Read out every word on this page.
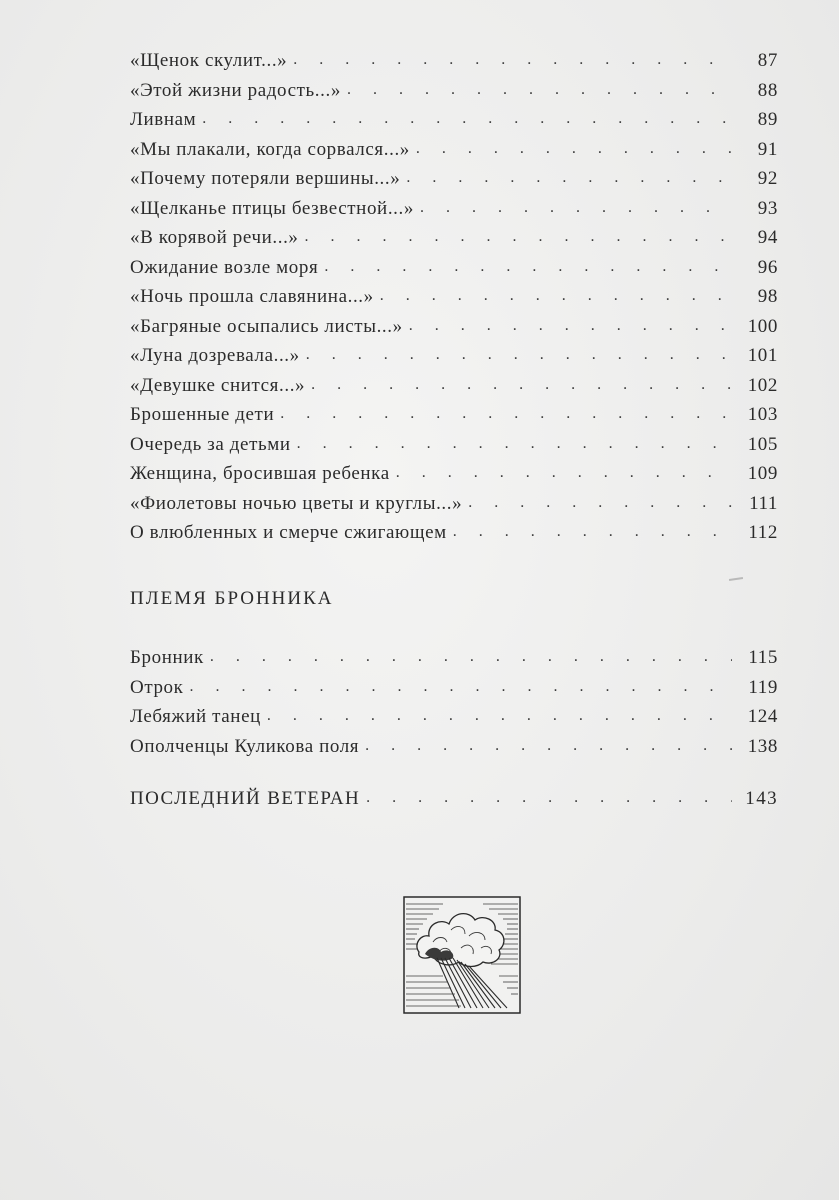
«Щенок скулит...» . . .	87
«Этой жизни радость...» . . .	88
Ливнам . . .	89
«Мы плакали, когда сорвался...» . . .	91
«Почему потеряли вершины...» . . .	92
«Щелканье птицы безвестной...» . . .	93
«В корявой речи...» . . .	94
Ожидание возле моря . . .	96
«Ночь прошла славянина...» . . .	98
«Багряные осыпались листы...» . . .	100
«Луна дозревала...» . . .	101
«Девушке снится...» . . .	102
Брошенные дети . . .	103
Очередь за детьми . . .	105
Женщина, бросившая ребенка . . .	109
«Фиолетовы ночью цветы и круглы...» . . .	111
О влюбленных и смерче сжигающем . . .	112
ПЛЕМЯ БРОННИКА
Бронник . . .	115
Отрок . . .	119
Лебяжий танец . . .	124
Ополченцы Куликова поля . . .	138
ПОСЛЕДНИЙ ВЕТЕРАН . . .	143
